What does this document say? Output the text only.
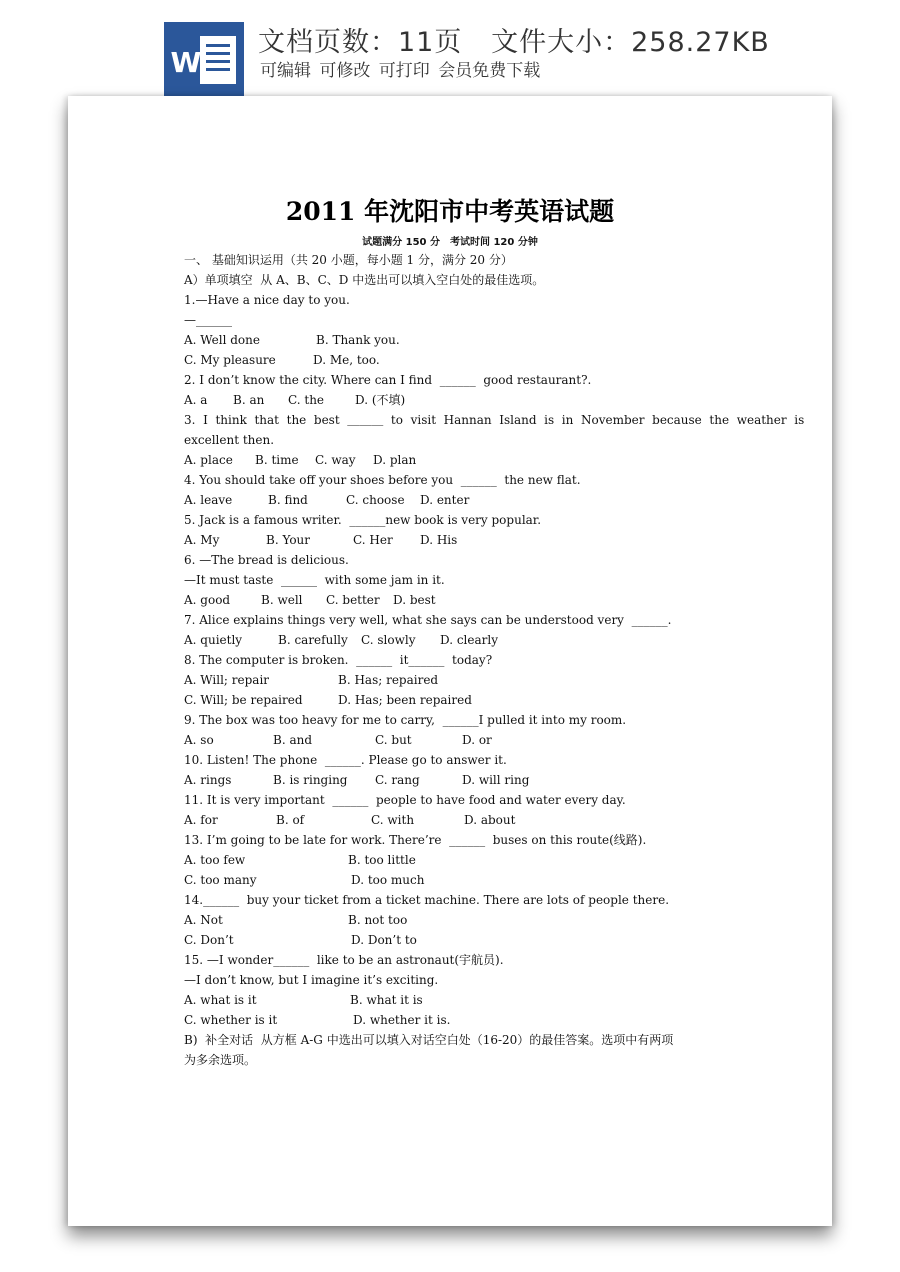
W
文档页数：11页   文件大小：258.27KB
可编辑 可修改 可打印 会员免费下载
2011 年沈阳市中考英语试题
试题满分 150 分　考试时间 120 分钟
一、 基础知识运用（共 20 小题，每小题 1 分，满分 20 分）
A）单项填空  从 A、B、C、D 中选出可以填入空白处的最佳选项。
1.—Have a nice day to you.
—______
A. Well done	B. Thank you.
C. My pleasure	D. Me, too.
2. I don’t know the city. Where can I find  ______  good restaurant?.
A. a B. an C. the	D. (不填)
3.  I  think  that  the  best  ＿＿＿  to  visit  Hannan  Island  is  in  November  because  the  weather  is
excellent then.
A. place B. time C. way D. plan
4. You should take off your shoes before you  ______  the new flat.
A. leave	B. find	C. choose D. enter
5. Jack is a famous writer.  ______new book is very popular.
A. My	B. Your	C. Her D. His
6. —The bread is delicious.
—It must taste  ______  with some jam in it.
A. good	B. well C. better D. best
7. Alice explains things very well, what she says can be understood very  ______.
A. quietly	B. carefully C. slowly D. clearly
8. The computer is broken.  ______  it______  today?
A. Will; repair	B. Has; repaired
C. Will; be repaired	D. Has; been repaired
9. The box was too heavy for me to carry,  ______I pulled it into my room.
A. so	B. and	C. but	D. or
10. Listen! The phone  ______. Please go to answer it.
A. rings	B. is ringing C. rang	D. will ring
11. It is very important  ______  people to have food and water every day.
A. for	B. of	C. with	D. about
13. I’m going to be late for work. There’re  ______  buses on this route(线路).
A. too few	B. too little
C. too many	D. too much
14.______  buy your ticket from a ticket machine. There are lots of people there.
A. Not	B. not too
C. Don’t	D. Don’t to
15. —I wonder______  like to be an astronaut(宇航员).
—I don’t know, but I imagine it’s exciting.
A. what is it	B. what it is
C. whether is it	D. whether it is.
B)  补全对话  从方框 A-G 中选出可以填入对话空白处（16-20）的最佳答案。选项中有两项
为多余选项。
